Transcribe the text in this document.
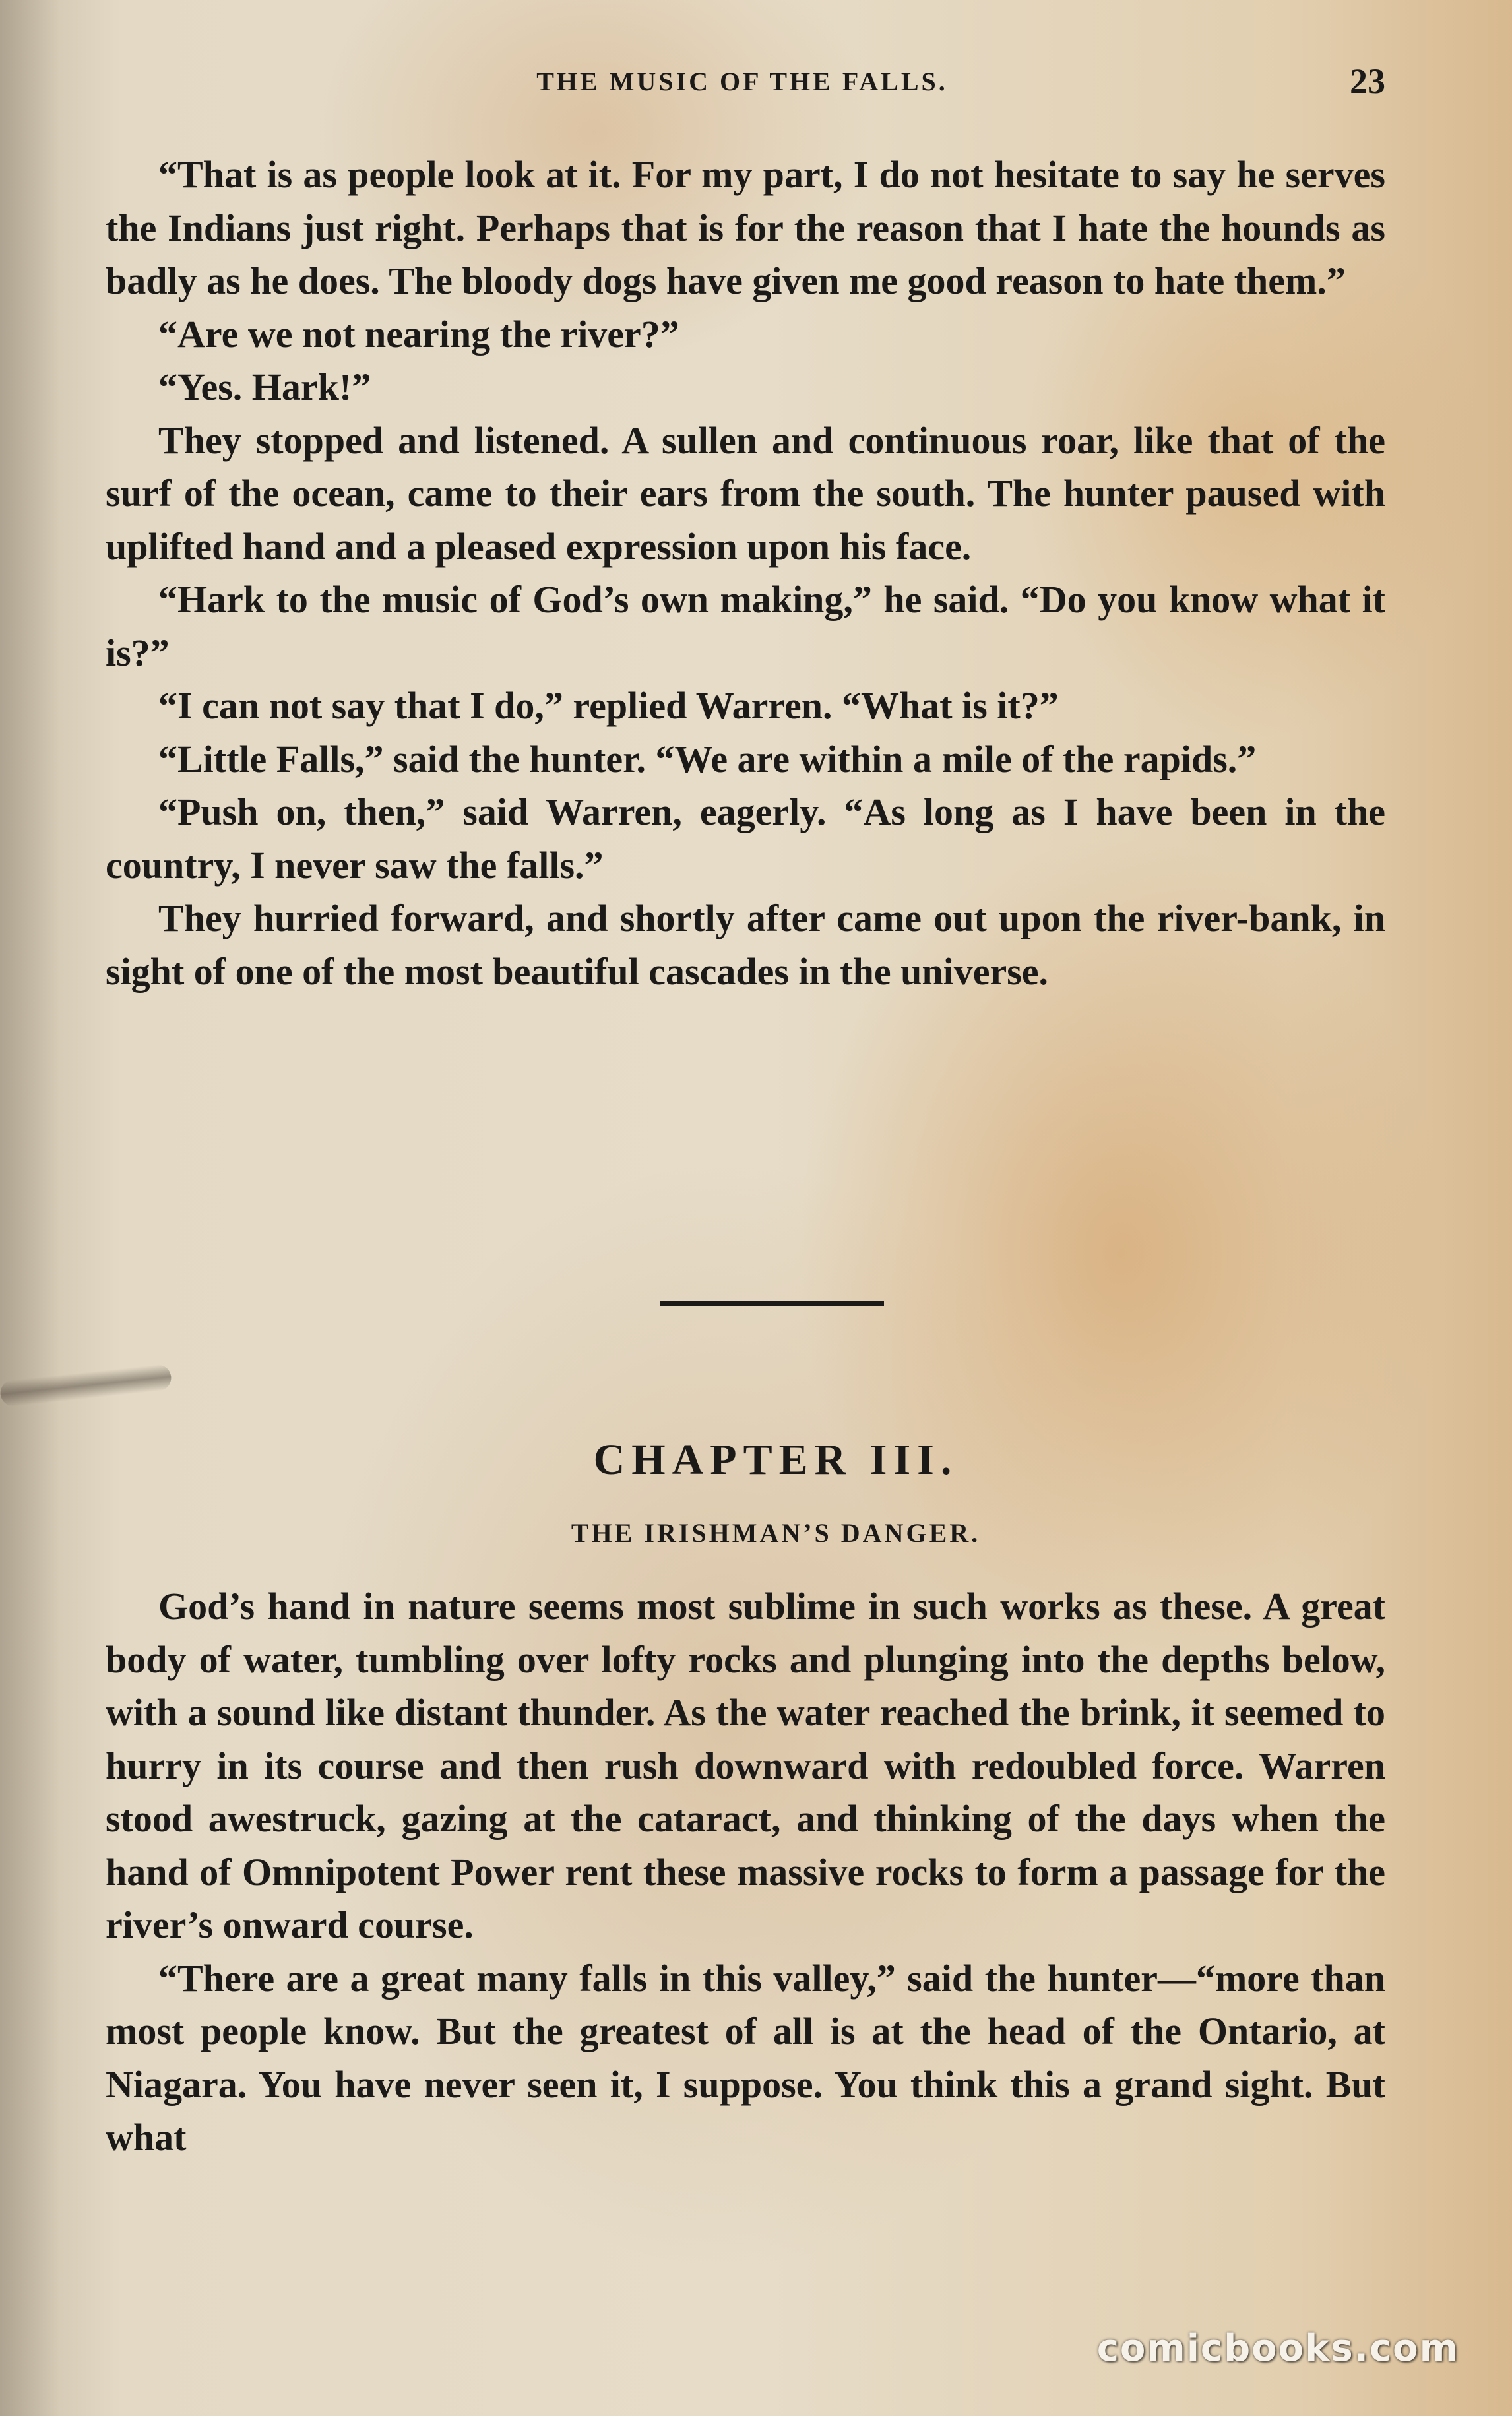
THE MUSIC OF THE FALLS.	23

“That is as people look at it. For my part, I do not hesitate to say he serves the Indians just right. Perhaps that is for the reason that I hate the hounds as badly as he does. The bloody dogs have given me good reason to hate them.”

“Are we not nearing the river?”

“Yes. Hark!”

They stopped and listened. A sullen and continuous roar, like that of the surf of the ocean, came to their ears from the south. The hunter paused with uplifted hand and a pleased expression upon his face.

“Hark to the music of God’s own making,” he said. “Do you know what it is?”

“I can not say that I do,” replied Warren. “What is it?”

“Little Falls,” said the hunter. “We are within a mile of the rapids.”

“Push on, then,” said Warren, eagerly. “As long as I have been in the country, I never saw the falls.”

They hurried forward, and shortly after came out upon the river-bank, in sight of one of the most beautiful cascades in the universe.

CHAPTER III.
THE IRISHMAN’S DANGER.

God’s hand in nature seems most sublime in such works as these. A great body of water, tumbling over lofty rocks and plunging into the depths below, with a sound like distant thunder. As the water reached the brink, it seemed to hurry in its course and then rush downward with redoubled force. Warren stood awestruck, gazing at the cataract, and thinking of the days when the hand of Omnipotent Power rent these massive rocks to form a passage for the river’s onward course.

“There are a great many falls in this valley,” said the hunter—“more than most people know. But the greatest of all is at the head of the Ontario, at Niagara. You have never seen it, I suppose. You think this a grand sight. But what

comicbooks.com
